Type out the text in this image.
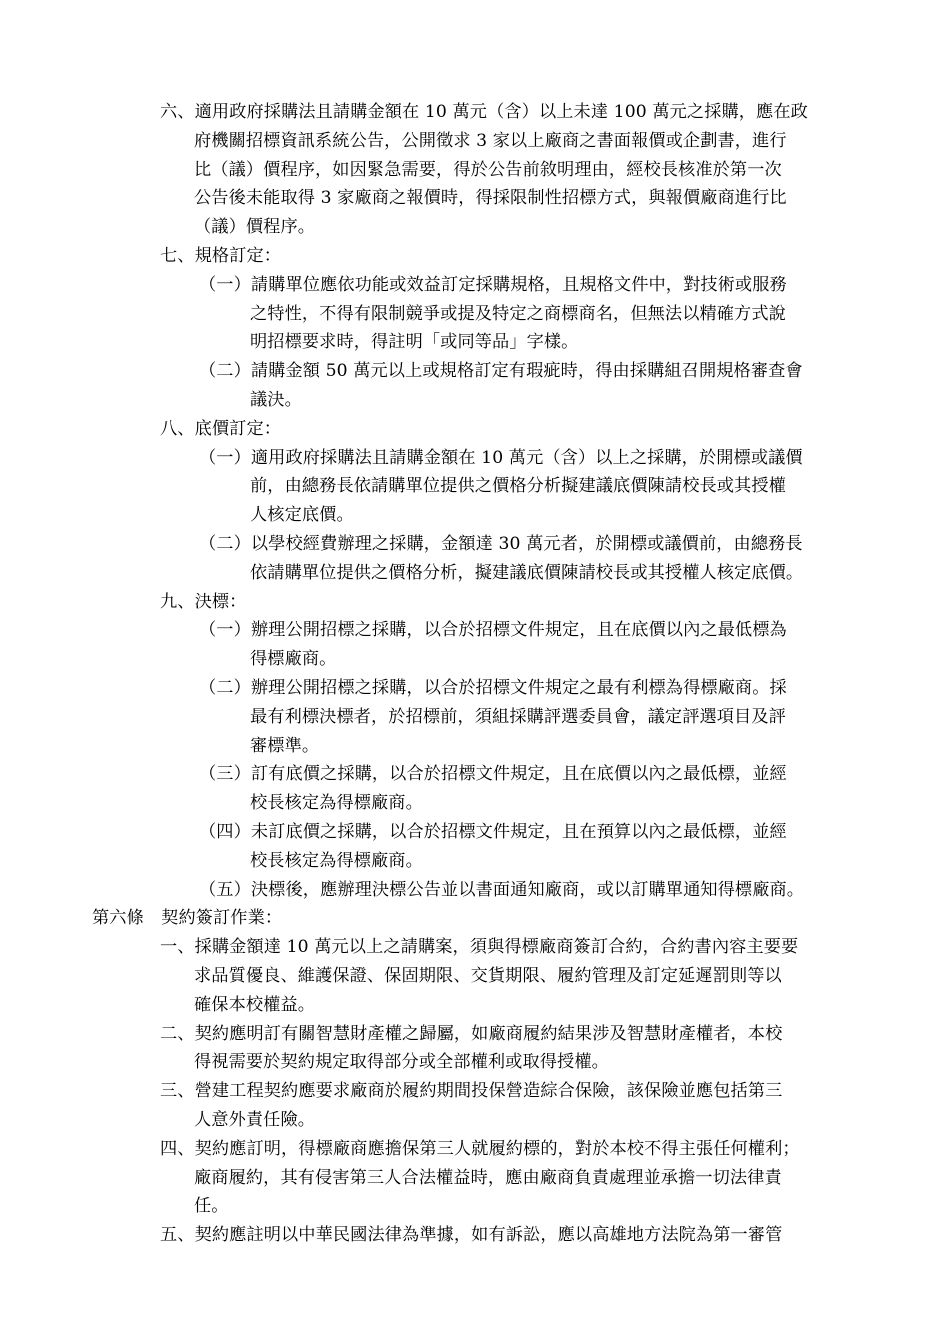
六、適用政府採購法且請購金額在 10 萬元（含）以上未達 100 萬元之採購，應在政
府機關招標資訊系統公告，公開徵求 3 家以上廠商之書面報價或企劃書，進行
比（議）價程序，如因緊急需要，得於公告前敘明理由，經校長核准於第一次
公告後未能取得 3 家廠商之報價時，得採限制性招標方式，與報價廠商進行比
（議）價程序。
七、規格訂定：
（一）請購單位應依功能或效益訂定採購規格，且規格文件中，對技術或服務
之特性，不得有限制競爭或提及特定之商標商名，但無法以精確方式說
明招標要求時，得註明「或同等品」字樣。
（二）請購金額 50 萬元以上或規格訂定有瑕疵時，得由採購組召開規格審查會
議決。
八、底價訂定：
（一）適用政府採購法且請購金額在 10 萬元（含）以上之採購，於開標或議價
前，由總務長依請購單位提供之價格分析擬建議底價陳請校長或其授權
人核定底價。
（二）以學校經費辦理之採購，金額達 30 萬元者，於開標或議價前，由總務長
依請購單位提供之價格分析，擬建議底價陳請校長或其授權人核定底價。
九、決標：
（一）辦理公開招標之採購，以合於招標文件規定，且在底價以內之最低標為
得標廠商。
（二）辦理公開招標之採購，以合於招標文件規定之最有利標為得標廠商。採
最有利標決標者，於招標前，須組採購評選委員會，議定評選項目及評
審標準。
（三）訂有底價之採購，以合於招標文件規定，且在底價以內之最低標，並經
校長核定為得標廠商。
（四）未訂底價之採購，以合於招標文件規定，且在預算以內之最低標，並經
校長核定為得標廠商。
（五）決標後，應辦理決標公告並以書面通知廠商，或以訂購單通知得標廠商。
第六條　契約簽訂作業：
一、採購金額達 10 萬元以上之請購案，須與得標廠商簽訂合約，合約書內容主要要
求品質優良、維護保證、保固期限、交貨期限、履約管理及訂定延遲罰則等以
確保本校權益。
二、契約應明訂有關智慧財產權之歸屬，如廠商履約結果涉及智慧財產權者，本校
得視需要於契約規定取得部分或全部權利或取得授權。
三、營建工程契約應要求廠商於履約期間投保營造綜合保險，該保險並應包括第三
人意外責任險。
四、契約應訂明，得標廠商應擔保第三人就履約標的，對於本校不得主張任何權利；
廠商履約，其有侵害第三人合法權益時，應由廠商負責處理並承擔一切法律責
任。
五、契約應註明以中華民國法律為準據，如有訴訟，應以高雄地方法院為第一審管
